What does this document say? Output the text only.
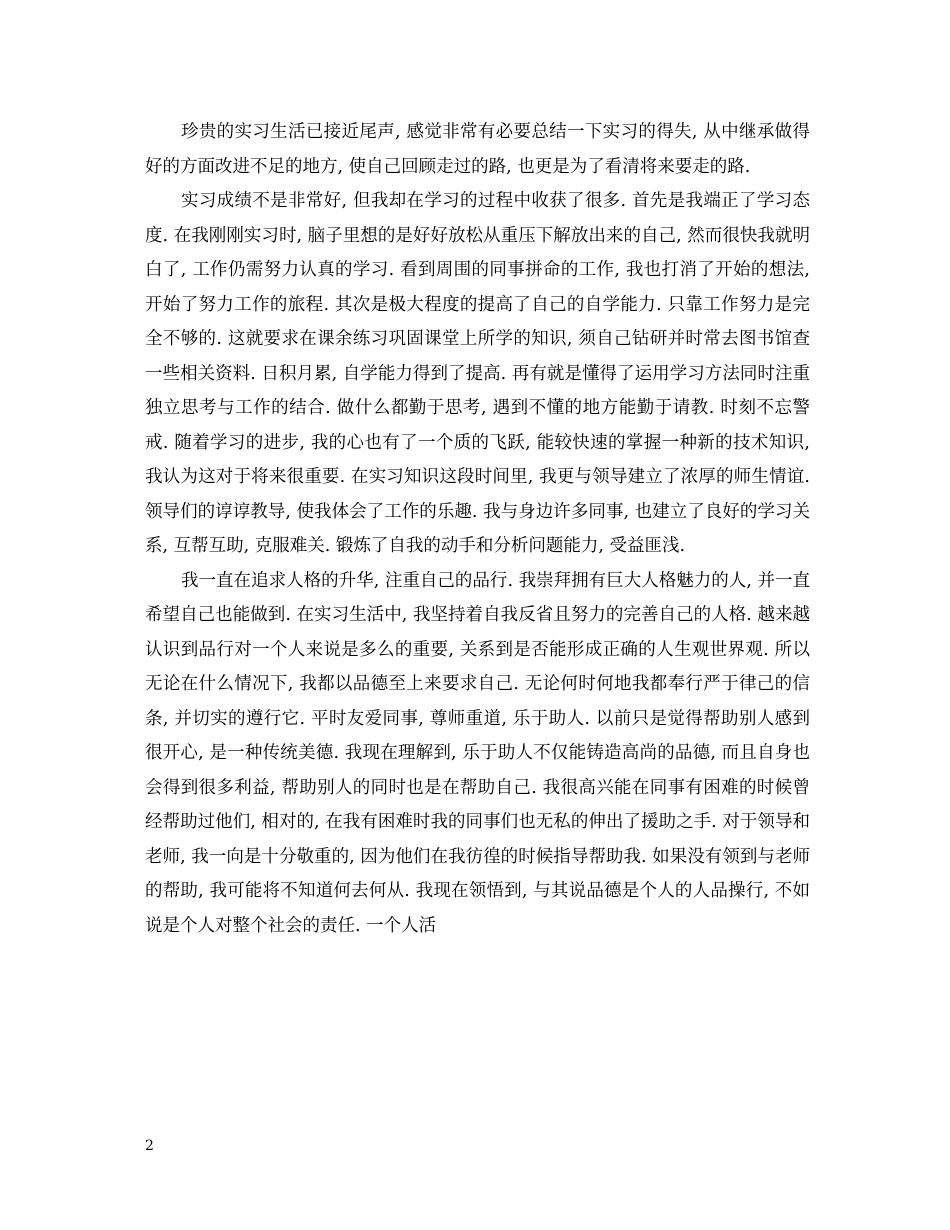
珍贵的实习生活已接近尾声, 感觉非常有必要总结一下实习的得失, 从中继承做得好的方面改进不足的地方, 使自己回顾走过的路, 也更是为了看清将来要走的路.

实习成绩不是非常好, 但我却在学习的过程中收获了很多. 首先是我端正了学习态度. 在我刚刚实习时, 脑子里想的是好好放松从重压下解放出来的自己, 然而很快我就明白了, 工作仍需努力认真的学习. 看到周围的同事拼命的工作, 我也打消了开始的想法, 开始了努力工作的旅程. 其次是极大程度的提高了自己的自学能力. 只靠工作努力是完全不够的. 这就要求在课余练习巩固课堂上所学的知识, 须自己钻研并时常去图书馆查一些相关资料. 日积月累, 自学能力得到了提高. 再有就是懂得了运用学习方法同时注重独立思考与工作的结合. 做什么都勤于思考, 遇到不懂的地方能勤于请教. 时刻不忘警戒. 随着学习的进步, 我的心也有了一个质的飞跃, 能较快速的掌握一种新的技术知识, 我认为这对于将来很重要. 在实习知识这段时间里, 我更与领导建立了浓厚的师生情谊. 领导们的谆谆教导, 使我体会了工作的乐趣. 我与身边许多同事, 也建立了良好的学习关系, 互帮互助, 克服难关. 锻炼了自我的动手和分析问题能力, 受益匪浅.

我一直在追求人格的升华, 注重自己的品行. 我崇拜拥有巨大人格魅力的人, 并一直希望自己也能做到. 在实习生活中, 我坚持着自我反省且努力的完善自己的人格. 越来越认识到品行对一个人来说是多么的重要, 关系到是否能形成正确的人生观世界观. 所以无论在什么情况下, 我都以品德至上来要求自己. 无论何时何地我都奉行严于律己的信条, 并切实的遵行它. 平时友爱同事, 尊师重道, 乐于助人. 以前只是觉得帮助别人感到很开心, 是一种传统美德. 我现在理解到, 乐于助人不仅能铸造高尚的品德, 而且自身也会得到很多利益, 帮助别人的同时也是在帮助自己. 我很高兴能在同事有困难的时候曾经帮助过他们, 相对的, 在我有困难时我的同事们也无私的伸出了援助之手. 对于领导和老师, 我一向是十分敬重的, 因为他们在我彷徨的时候指导帮助我. 如果没有领到与老师的帮助, 我可能将不知道何去何从. 我现在领悟到, 与其说品德是个人的人品操行, 不如说是个人对整个社会的责任. 一个人活

2
